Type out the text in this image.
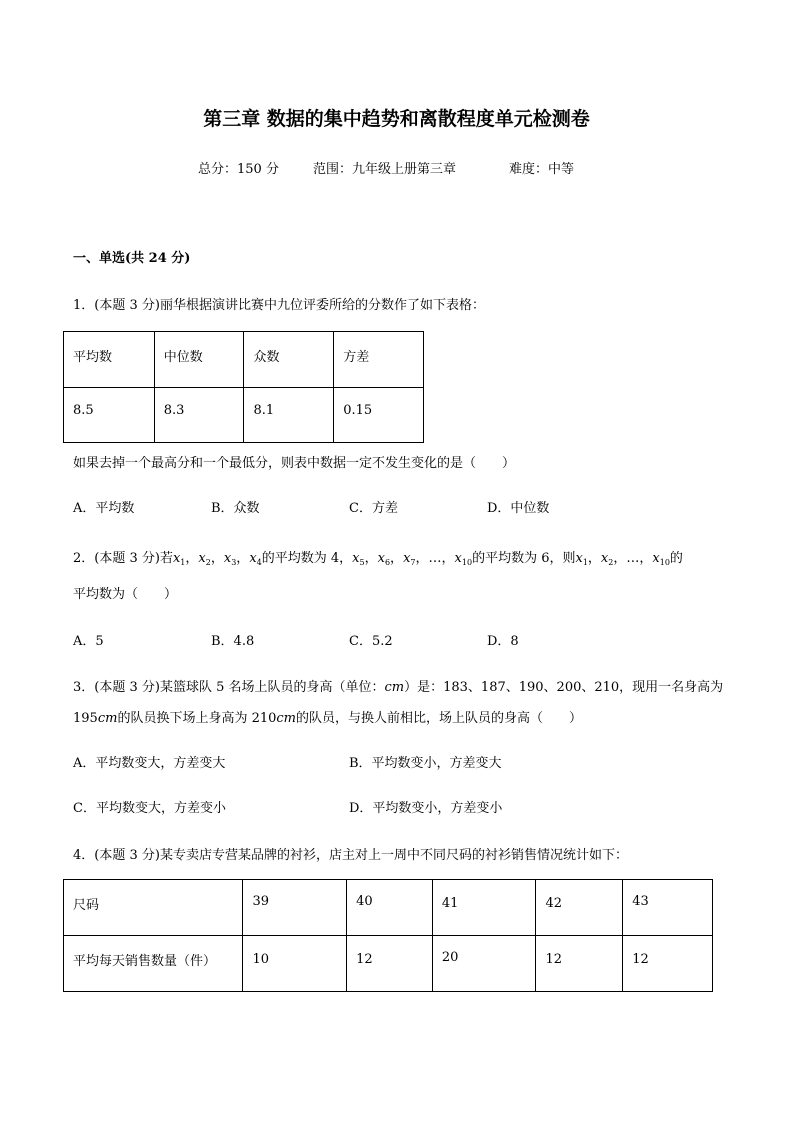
第三章 数据的集中趋势和离散程度单元检测卷
总分：150 分	范围：九年级上册第三章	难度：中等
一、单选(共 24 分)
1．(本题 3 分)丽华根据演讲比赛中九位评委所给的分数作了如下表格：
平均数	中位数	众数	方差
8.5	8.3	8.1	0.15
如果去掉一个最高分和一个最低分，则表中数据一定不发生变化的是（　　）
A．平均数	B．众数	C．方差	D．中位数
2．(本题 3 分)若$x_1$，$x_2$，$x_3$，$x_4$的平均数为 4，$x_5$，$x_6$，$x_7$，…，$x_{10}$的平均数为 6，则$x_1$，$x_2$，…，$x_{10}$的
平均数为（　　）
A．5	B．4.8	C．5.2	D．8
3．(本题 3 分)某篮球队 5 名场上队员的身高（单位：cm）是：183、187、190、200、210，现用一名身高为
195cm的队员换下场上身高为 210cm的队员，与换人前相比，场上队员的身高（　　）
A．平均数变大，方差变大	B．平均数变小，方差变大
C．平均数变大，方差变小	D．平均数变小，方差变小
4．(本题 3 分)某专卖店专营某品牌的衬衫，店主对上一周中不同尺码的衬衫销售情况统计如下：
尺码	39	40	41	42	43
平均每天销售数量（件）	10	12	20	12	12
